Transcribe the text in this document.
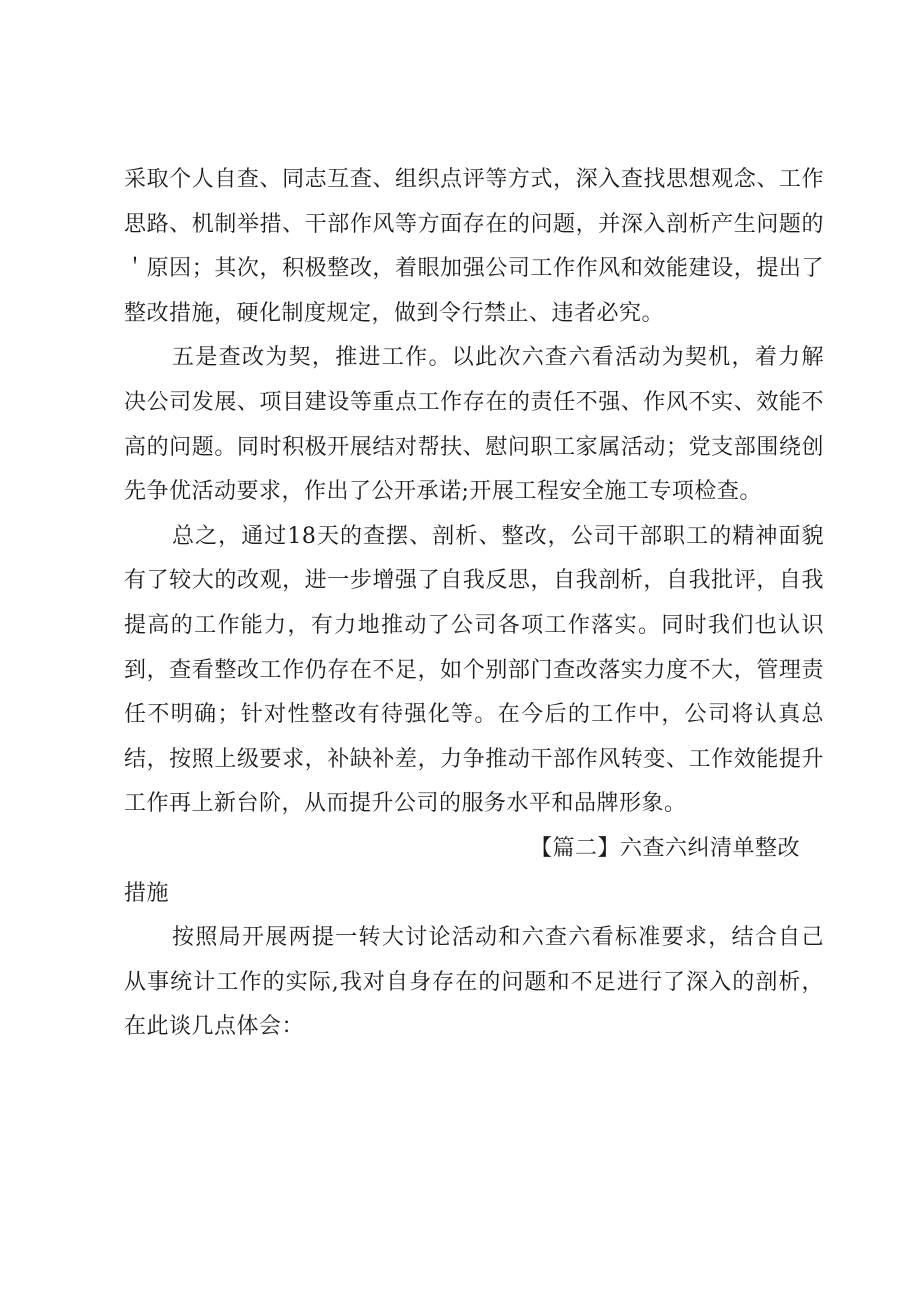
采取个人自查、同志互查、组织点评等方式，深入查找思想观念、工作思路、机制举措、干部作风等方面存在的问题，并深入剖析产生问题的＇原因；其次，积极整改，着眼加强公司工作作风和效能建设，提出了整改措施，硬化制度规定，做到令行禁止、违者必究。

五是查改为契，推进工作。以此次六查六看活动为契机，着力解决公司发展、项目建设等重点工作存在的责任不强、作风不实、效能不高的问题。同时积极开展结对帮扶、慰问职工家属活动；党支部围绕创先争优活动要求，作出了公开承诺;开展工程安全施工专项检查。

总之，通过18天的查摆、剖析、整改，公司干部职工的精神面貌有了较大的改观，进一步增强了自我反思，自我剖析，自我批评，自我提高的工作能力，有力地推动了公司各项工作落实。同时我们也认识到，查看整改工作仍存在不足，如个别部门查改落实力度不大，管理责任不明确；针对性整改有待强化等。在今后的工作中，公司将认真总结，按照上级要求，补缺补差，力争推动干部作风转变、工作效能提升工作再上新台阶，从而提升公司的服务水平和品牌形象。

【篇二】六查六纠清单整改

措施

按照局开展两提一转大讨论活动和六查六看标准要求，结合自己从事统计工作的实际,我对自身存在的问题和不足进行了深入的剖析，在此谈几点体会：
